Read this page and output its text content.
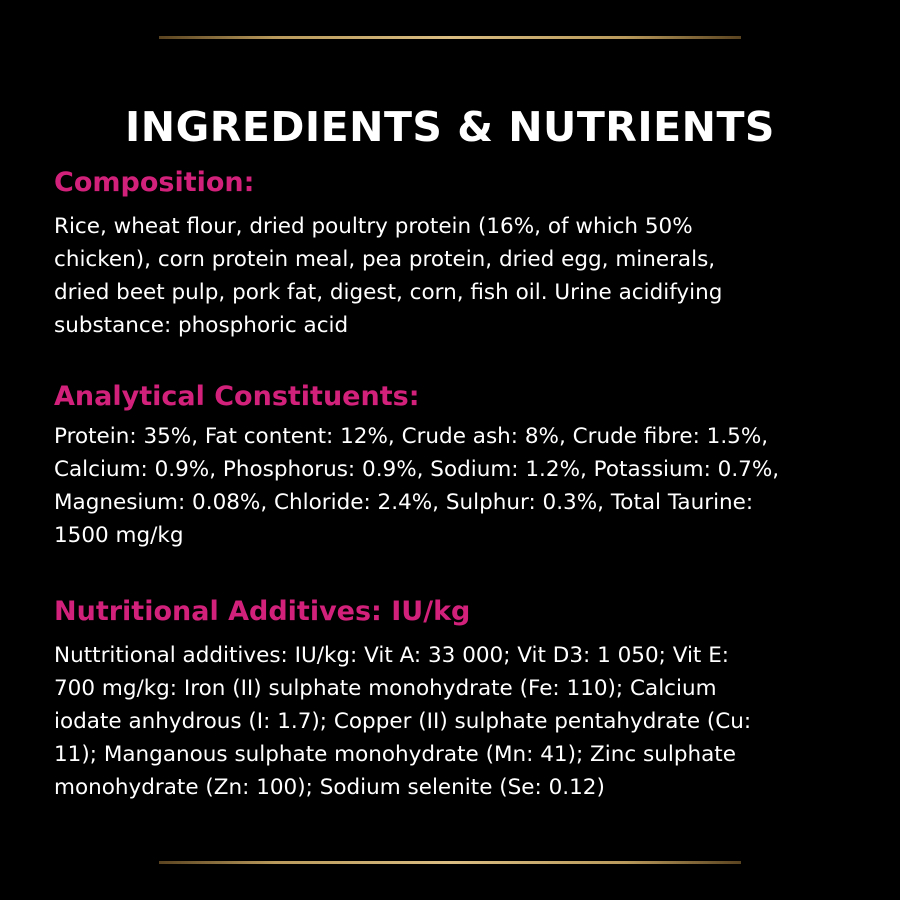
INGREDIENTS & NUTRIENTS
Composition:

Rice, wheat flour, dried poultry protein (16%, of which 50%
chicken), corn protein meal, pea protein, dried egg, minerals,
dried beet pulp, pork fat, digest, corn, fish oil. Urine acidifying
substance: phosphoric acid

Analytical Constituents:

Protein: 35%, Fat content: 12%, Crude ash: 8%, Crude fibre: 1.5%,
Calcium: 0.9%, Phosphorus: 0.9%, Sodium: 1.2%, Potassium: 0.7%,
Magnesium: 0.08%, Chloride: 2.4%, Sulphur: 0.3%, Total Taurine:
1500 mg/kg

Nutritional Additives: IU/kg

Nuttritional additives: IU/kg: Vit A: 33 000; Vit D3: 1 050; Vit E:
700 mg/kg: Iron (II) sulphate monohydrate (Fe: 110); Calcium
iodate anhydrous (I: 1.7); Copper (II) sulphate pentahydrate (Cu:
11); Manganous sulphate monohydrate (Mn: 41); Zinc sulphate
monohydrate (Zn: 100); Sodium selenite (Se: 0.12)
